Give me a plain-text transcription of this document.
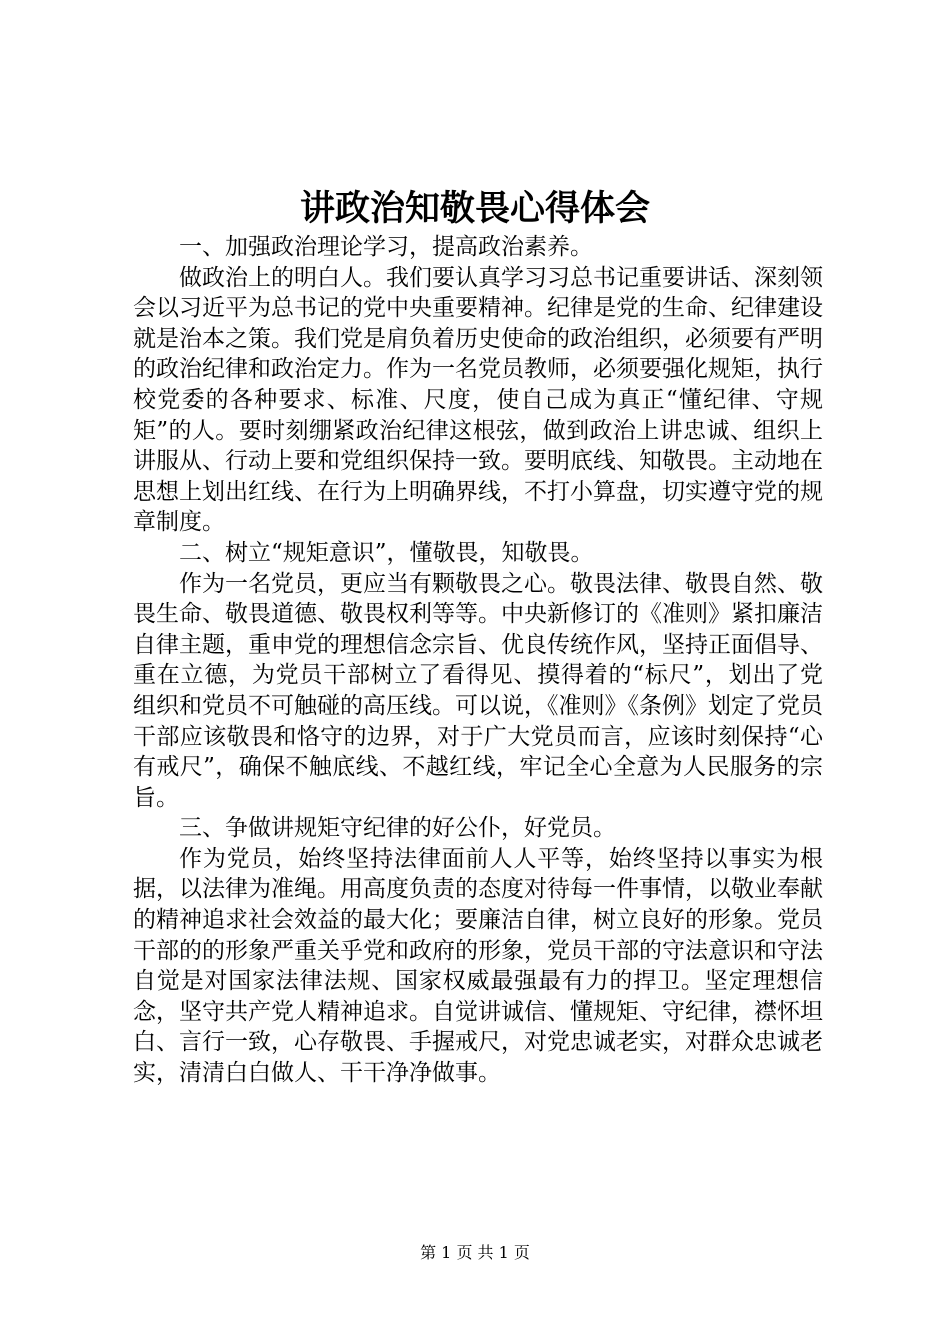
讲政治知敬畏心得体会

一、加强政治理论学习，提高政治素养。

做政治上的明白人。我们要认真学习习总书记重要讲话、深刻领会以习近平为总书记的党中央重要精神。纪律是党的生命、纪律建设就是治本之策。我们党是肩负着历史使命的政治组织，必须要有严明的政治纪律和政治定力。作为一名党员教师，必须要强化规矩，执行校党委的各种要求、标准、尺度，使自己成为真正“懂纪律、守规矩”的人。要时刻绷紧政治纪律这根弦，做到政治上讲忠诚、组织上讲服从、行动上要和党组织保持一致。要明底线、知敬畏。主动地在思想上划出红线、在行为上明确界线，不打小算盘，切实遵守党的规章制度。

二、树立“规矩意识”，懂敬畏，知敬畏。

作为一名党员，更应当有颗敬畏之心。敬畏法律、敬畏自然、敬畏生命、敬畏道德、敬畏权利等等。中央新修订的《准则》紧扣廉洁自律主题，重申党的理想信念宗旨、优良传统作风，坚持正面倡导、重在立德，为党员干部树立了看得见、摸得着的“标尺”，划出了党组织和党员不可触碰的高压线。可以说，《准则》《条例》划定了党员干部应该敬畏和恪守的边界，对于广大党员而言，应该时刻保持“心有戒尺”，确保不触底线、不越红线，牢记全心全意为人民服务的宗旨。

三、争做讲规矩守纪律的好公仆，好党员。

作为党员，始终坚持法律面前人人平等，始终坚持以事实为根据，以法律为准绳。用高度负责的态度对待每一件事情，以敬业奉献的精神追求社会效益的最大化；要廉洁自律，树立良好的形象。党员干部的的形象严重关乎党和政府的形象，党员干部的守法意识和守法自觉是对国家法律法规、国家权威最强最有力的捍卫。坚定理想信念，坚守共产党人精神追求。自觉讲诚信、懂规矩、守纪律，襟怀坦白、言行一致，心存敬畏、手握戒尺，对党忠诚老实，对群众忠诚老实，清清白白做人、干干净净做事。

第 1 页 共 1 页
